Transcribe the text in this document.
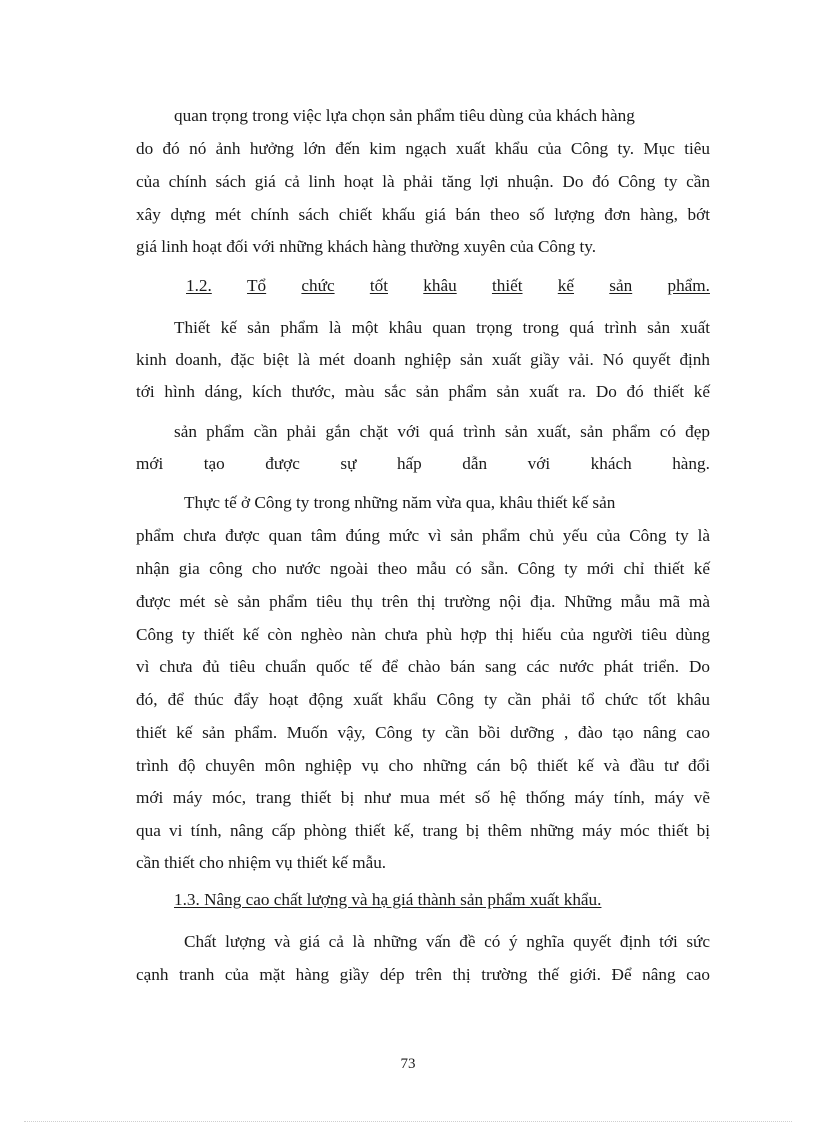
quan trọng trong việc lựa chọn sản phẩm tiêu dùng của khách hàng
do đó nó ảnh hưởng lớn đến kim ngạch xuất khẩu của Công ty. Mục tiêu
của chính sách giá cả linh hoạt là phải tăng lợi nhuận. Do đó Công ty cần
xây dựng mét chính sách chiết khấu giá bán theo số lượng đơn hàng, bớt
giá linh hoạt đối với những khách hàng thường xuyên của Công ty.
1.2. Tổ chức tốt khâu thiết kế sản phẩm.
Thiết kế sản phẩm là một khâu quan trọng trong quá trình sản xuất
kinh doanh, đặc biệt là mét doanh nghiệp sản xuất giầy vải. Nó quyết định
tới hình dáng, kích thước, màu sắc sản phẩm sản xuất ra. Do đó thiết kế
sản phẩm cần phải gắn chặt với quá trình sản xuất, sản phẩm có đẹp
mới tạo được sự hấp dẫn với khách hàng.
Thực tế ở Công ty trong những năm vừa qua, khâu thiết kế sản
phẩm chưa được quan tâm đúng mức vì sản phẩm chủ yếu của Công ty là
nhận gia công cho nước ngoài theo mẫu có sẵn. Công ty mới chỉ thiết kế
được mét sè sản phẩm tiêu thụ trên thị trường nội địa. Những mẫu mã mà
Công ty thiết kế còn nghèo nàn chưa phù hợp thị hiếu của người tiêu dùng
vì chưa đủ tiêu chuẩn quốc tế để chào bán sang các nước phát triển. Do
đó, để thúc đẩy hoạt động xuất khẩu Công ty cần phải tổ chức tốt khâu
thiết kế sản phẩm. Muốn vậy, Công ty cần bồi dưỡng , đào tạo nâng cao
trình độ chuyên môn nghiệp vụ cho những cán bộ thiết kế và đầu tư đổi
mới máy móc, trang thiết bị như mua mét số hệ thống máy tính, máy vẽ
qua vi tính, nâng cấp phòng thiết kế, trang bị thêm những máy móc thiết bị
cần thiết cho nhiệm vụ thiết kế mẫu.
1.3. Nâng cao chất lượng và hạ giá thành sản phẩm xuất khẩu.
Chất lượng và giá cả là những vấn đề có ý nghĩa quyết định tới sức
cạnh tranh của mặt hàng giầy dép trên thị trường thế giới. Để nâng cao
73
